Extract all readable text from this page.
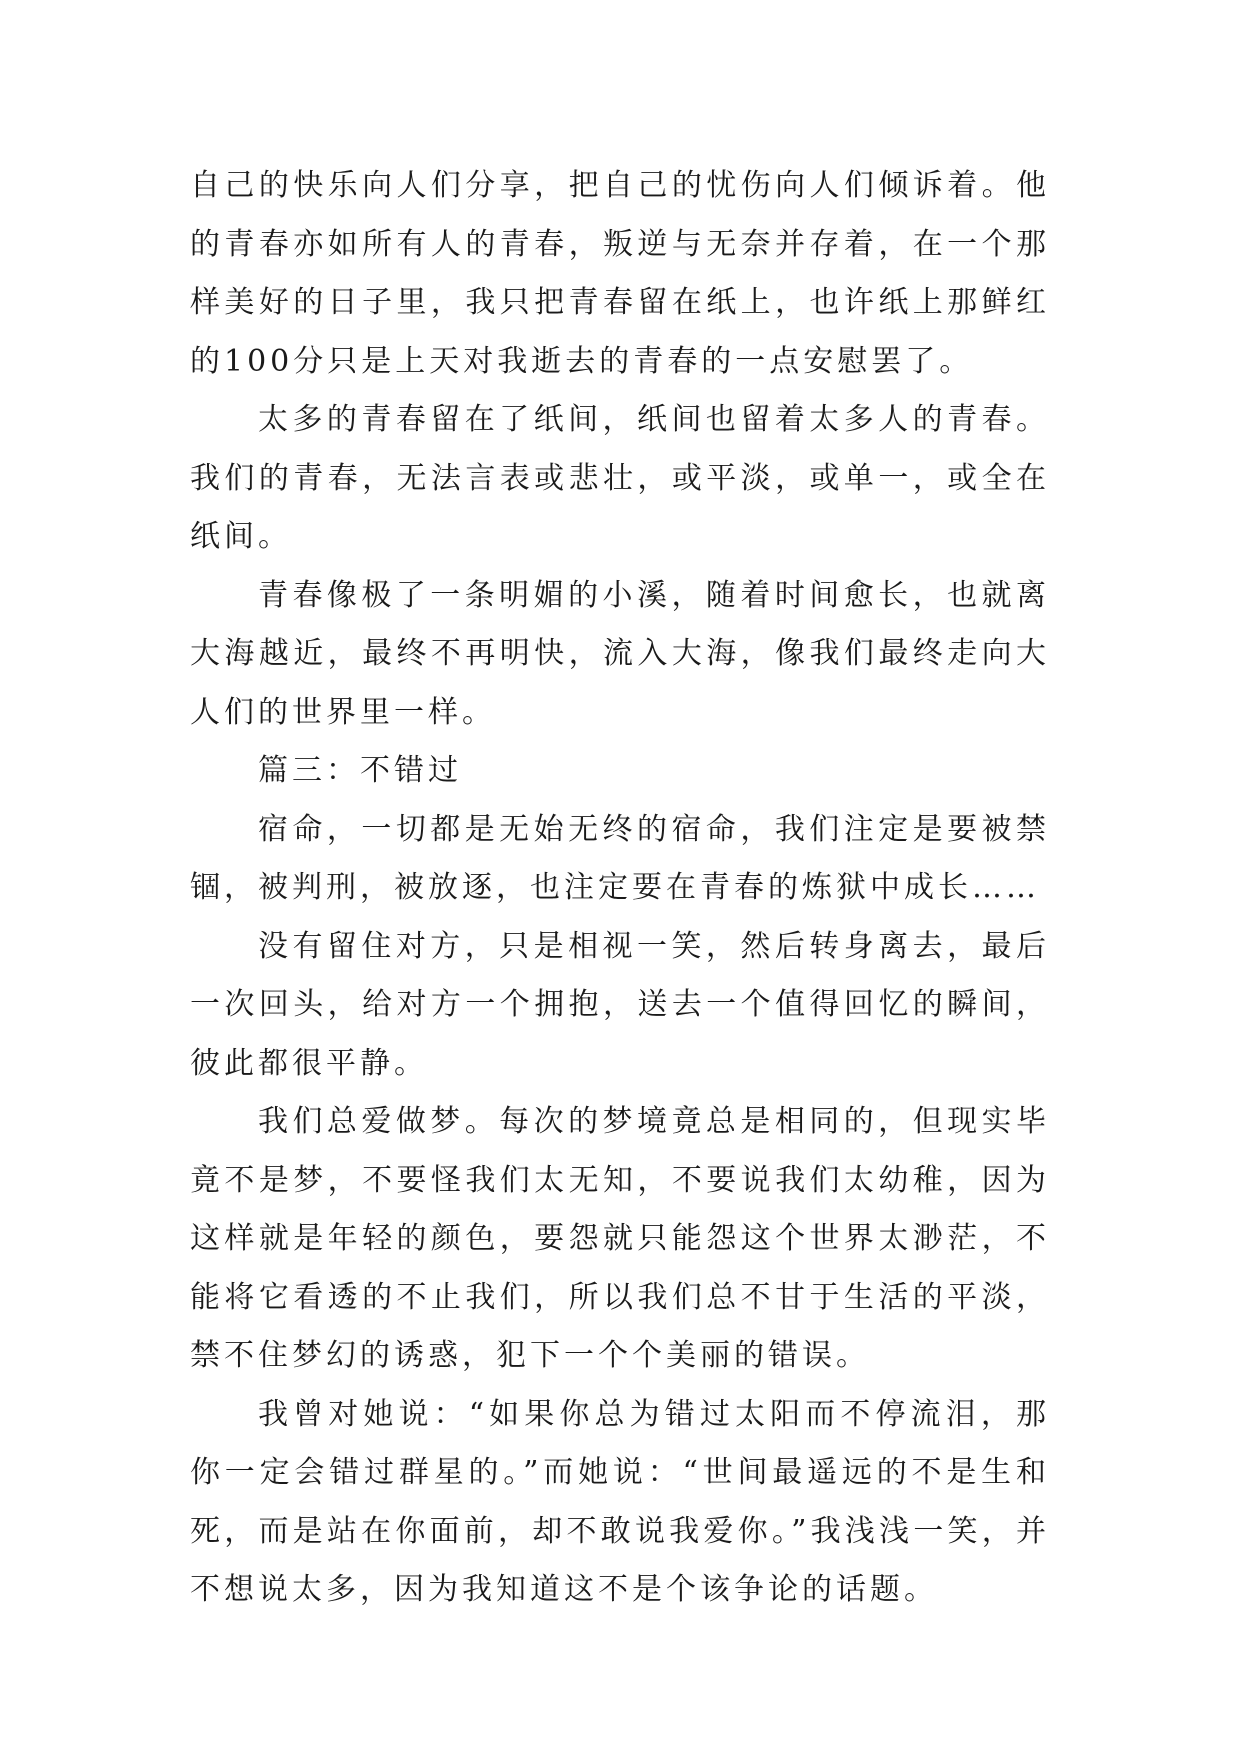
自己的快乐向人们分享，把自己的忧伤向人们倾诉着。他的青春亦如所有人的青春，叛逆与无奈并存着，在一个那样美好的日子里，我只把青春留在纸上，也许纸上那鲜红的100分只是上天对我逝去的青春的一点安慰罢了。

太多的青春留在了纸间，纸间也留着太多人的青春。我们的青春，无法言表或悲壮，或平淡，或单一，或全在纸间。

青春像极了一条明媚的小溪，随着时间愈长，也就离大海越近，最终不再明快，流入大海，像我们最终走向大人们的世界里一样。

篇三：不错过

宿命，一切都是无始无终的宿命，我们注定是要被禁锢，被判刑，被放逐，也注定要在青春的炼狱中成长……

没有留住对方，只是相视一笑，然后转身离去，最后一次回头，给对方一个拥抱，送去一个值得回忆的瞬间，彼此都很平静。

我们总爱做梦。每次的梦境竟总是相同的，但现实毕竟不是梦，不要怪我们太无知，不要说我们太幼稚，因为这样就是年轻的颜色，要怨就只能怨这个世界太渺茫，不能将它看透的不止我们，所以我们总不甘于生活的平淡，禁不住梦幻的诱惑，犯下一个个美丽的错误。

我曾对她说：“如果你总为错过太阳而不停流泪，那你一定会错过群星的。”而她说：“世间最遥远的不是生和死，而是站在你面前，却不敢说我爱你。”我浅浅一笑，并不想说太多，因为我知道这不是个该争论的话题。
